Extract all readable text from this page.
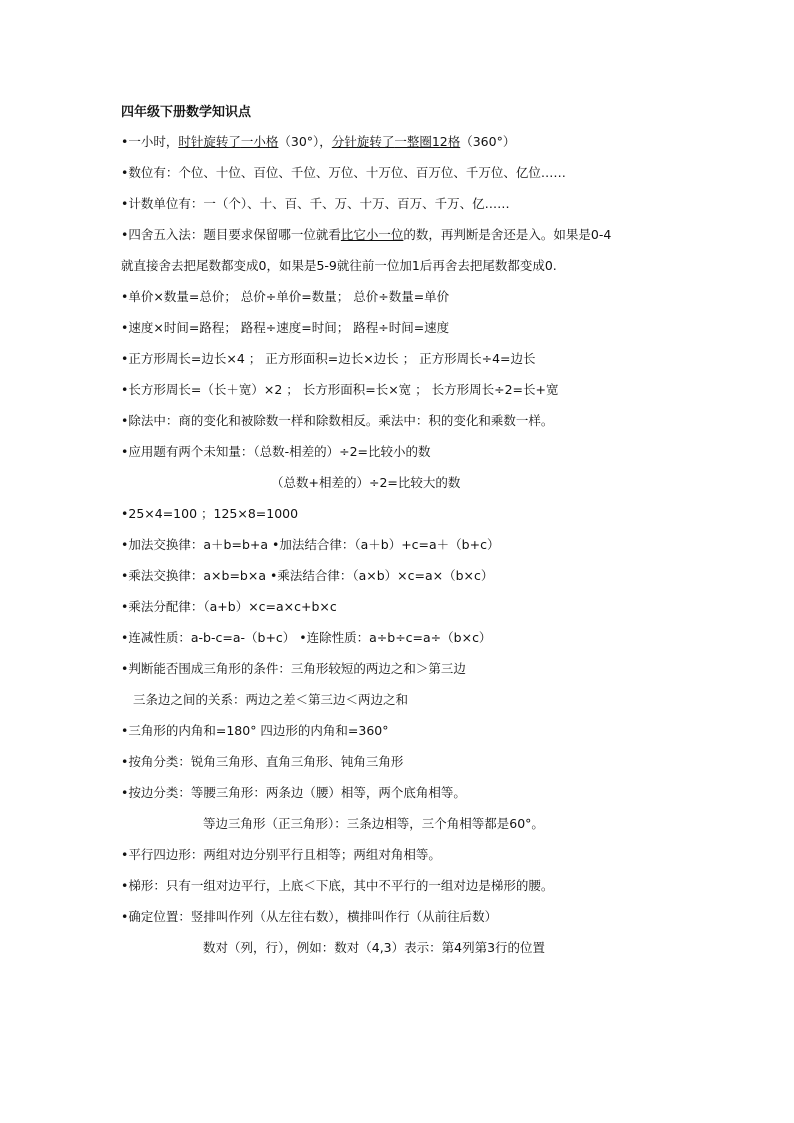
四年级下册数学知识点
•一小时，时针旋转了一小格（30°），分针旋转了一整圈12格（360°）
•数位有：个位、十位、百位、千位、万位、十万位、百万位、千万位、亿位……
•计数单位有：一（个）、十、百、千、万、十万、百万、千万、亿……
•四舍五入法：题目要求保留哪一位就看比它小一位的数，再判断是舍还是入。如果是0-4
就直接舍去把尾数都变成0，如果是5-9就往前一位加1后再舍去把尾数都变成0.
•单价×数量=总价； 总价÷单价=数量； 总价÷数量=单价
•速度×时间=路程； 路程÷速度=时间； 路程÷时间=速度
•正方形周长=边长×4 ； 正方形面积=边长×边长 ； 正方形周长÷4=边长
•长方形周长=（长＋宽）×2 ； 长方形面积=长×宽 ； 长方形周长÷2=长+宽
•除法中：商的变化和被除数一样和除数相反。乘法中：积的变化和乘数一样。
•应用题有两个未知量：（总数-相差的）÷2=比较小的数
（总数+相差的）÷2=比较大的数
•25×4=100 ；125×8=1000
•加法交换律：a＋b=b+a •加法结合律：（a＋b）+c=a＋（b+c）
•乘法交换律：a×b=b×a •乘法结合律：（a×b）×c=a×（b×c）
•乘法分配律：（a+b）×c=a×c+b×c
•连减性质：a-b-c=a-（b+c） •连除性质：a÷b÷c=a÷（b×c）
•判断能否围成三角形的条件：三角形较短的两边之和＞第三边
三条边之间的关系：两边之差＜第三边＜两边之和
•三角形的内角和=180° 四边形的内角和=360°
•按角分类：锐角三角形、直角三角形、钝角三角形
•按边分类：等腰三角形：两条边（腰）相等，两个底角相等。
等边三角形（正三角形）：三条边相等，三个角相等都是60°。
•平行四边形：两组对边分别平行且相等；两组对角相等。
•梯形：只有一组对边平行，上底＜下底，其中不平行的一组对边是梯形的腰。
•确定位置：竖排叫作列（从左往右数），横排叫作行（从前往后数）
数对（列，行），例如：数对（4,3）表示：第4列第3行的位置
